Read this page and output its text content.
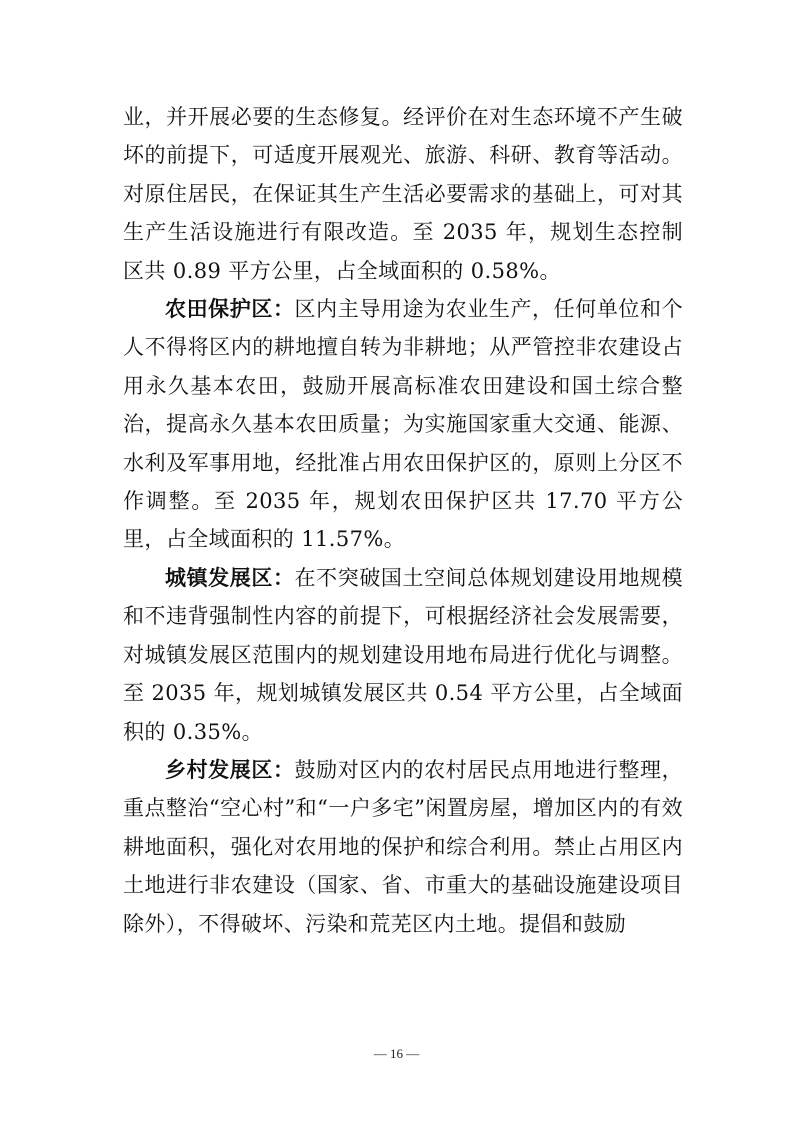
业，并开展必要的生态修复。经评价在对生态环境不产生破坏的前提下，可适度开展观光、旅游、科研、教育等活动。对原住居民，在保证其生产生活必要需求的基础上，可对其生产生活设施进行有限改造。至 2035 年，规划生态控制区共 0.89 平方公里，占全域面积的 0.58%。

农田保护区：区内主导用途为农业生产，任何单位和个人不得将区内的耕地擅自转为非耕地；从严管控非农建设占用永久基本农田，鼓励开展高标准农田建设和国土综合整治，提高永久基本农田质量；为实施国家重大交通、能源、水利及军事用地，经批准占用农田保护区的，原则上分区不作调整。至 2035 年，规划农田保护区共 17.70 平方公里，占全域面积的 11.57%。

城镇发展区：在不突破国土空间总体规划建设用地规模和不违背强制性内容的前提下，可根据经济社会发展需要，对城镇发展区范围内的规划建设用地布局进行优化与调整。至 2035 年，规划城镇发展区共 0.54 平方公里，占全域面积的 0.35%。

乡村发展区：鼓励对区内的农村居民点用地进行整理，重点整治“空心村”和“一户多宅”闲置房屋，增加区内的有效耕地面积，强化对农用地的保护和综合利用。禁止占用区内土地进行非农建设（国家、省、市重大的基础设施建设项目除外），不得破坏、污染和荒芜区内土地。提倡和鼓励

— 16 —
